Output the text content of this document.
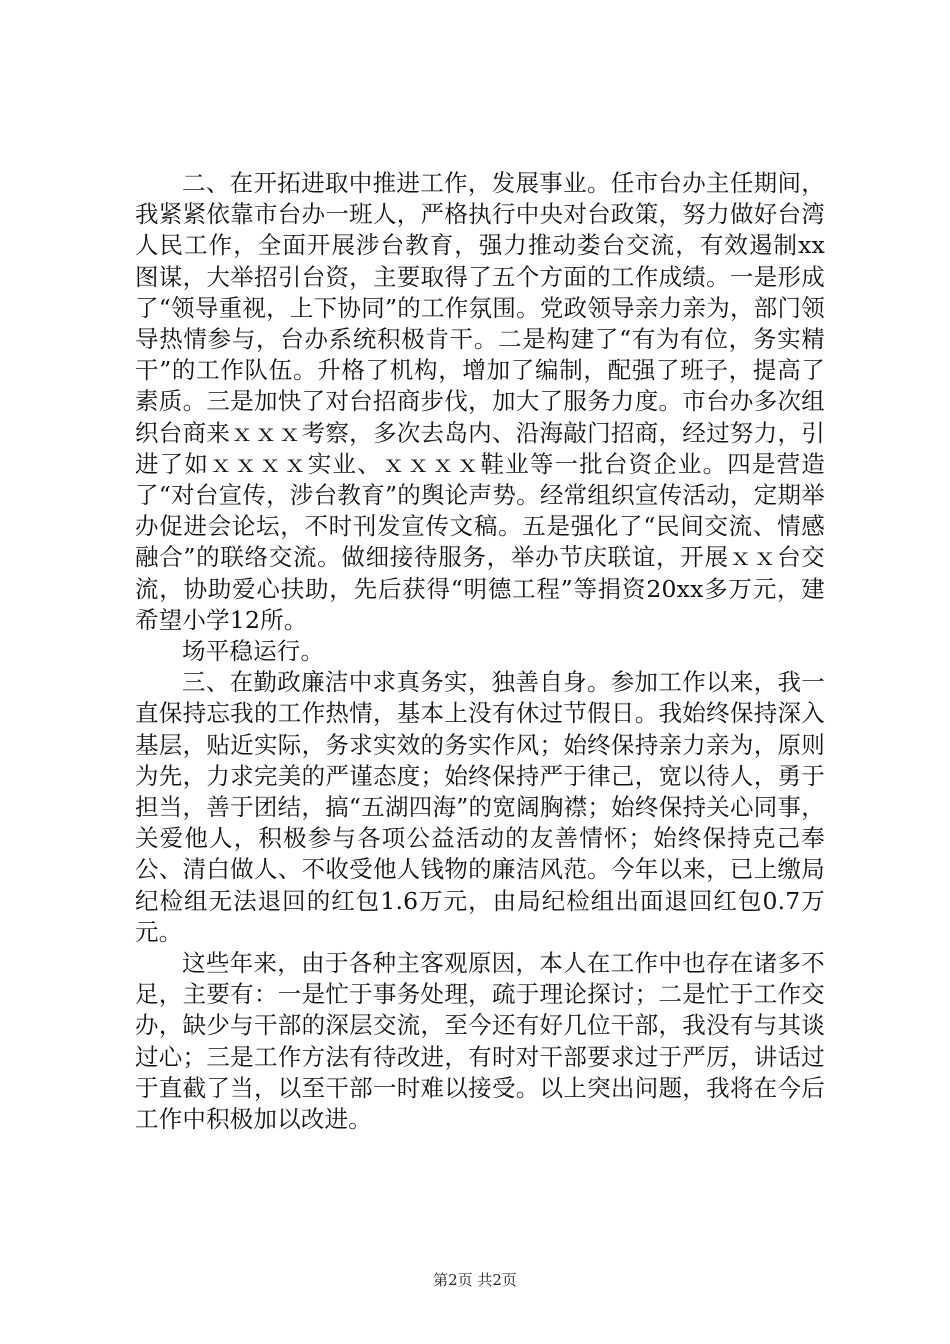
二、在开拓进取中推进工作，发展事业。任市台办主任期间，我紧紧依靠市台办一班人，严格执行中央对台政策，努力做好台湾人民工作，全面开展涉台教育，强力推动娄台交流，有效遏制xx图谋，大举招引台资，主要取得了五个方面的工作成绩。一是形成了“领导重视，上下协同”的工作氛围。党政领导亲力亲为，部门领导热情参与，台办系统积极肯干。二是构建了“有为有位，务实精干”的工作队伍。升格了机构，增加了编制，配强了班子，提高了素质。三是加快了对台招商步伐，加大了服务力度。市台办多次组织台商来ｘｘｘ考察，多次去岛内、沿海敲门招商，经过努力，引进了如ｘｘｘｘ实业、ｘｘｘｘ鞋业等一批台资企业。四是营造了“对台宣传，涉台教育”的舆论声势。经常组织宣传活动，定期举办促进会论坛，不时刊发宣传文稿。五是强化了“民间交流、情感融合”的联络交流。做细接待服务，举办节庆联谊，开展ｘｘ台交流，协助爱心扶助，先后获得“明德工程”等捐资20xx多万元，建希望小学12所。

场平稳运行。

三、在勤政廉洁中求真务实，独善自身。参加工作以来，我一直保持忘我的工作热情，基本上没有休过节假日。我始终保持深入基层，贴近实际，务求实效的务实作风；始终保持亲力亲为，原则为先，力求完美的严谨态度；始终保持严于律己，宽以待人，勇于担当，善于团结，搞“五湖四海”的宽阔胸襟；始终保持关心同事，关爱他人，积极参与各项公益活动的友善情怀；始终保持克己奉公、清白做人、不收受他人钱物的廉洁风范。今年以来，已上缴局纪检组无法退回的红包1.6万元，由局纪检组出面退回红包0.7万元。

这些年来，由于各种主客观原因，本人在工作中也存在诸多不足，主要有：一是忙于事务处理，疏于理论探讨；二是忙于工作交办，缺少与干部的深层交流，至今还有好几位干部，我没有与其谈过心；三是工作方法有待改进，有时对干部要求过于严厉，讲话过于直截了当，以至干部一时难以接受。以上突出问题，我将在今后工作中积极加以改进。

第2页 共2页
